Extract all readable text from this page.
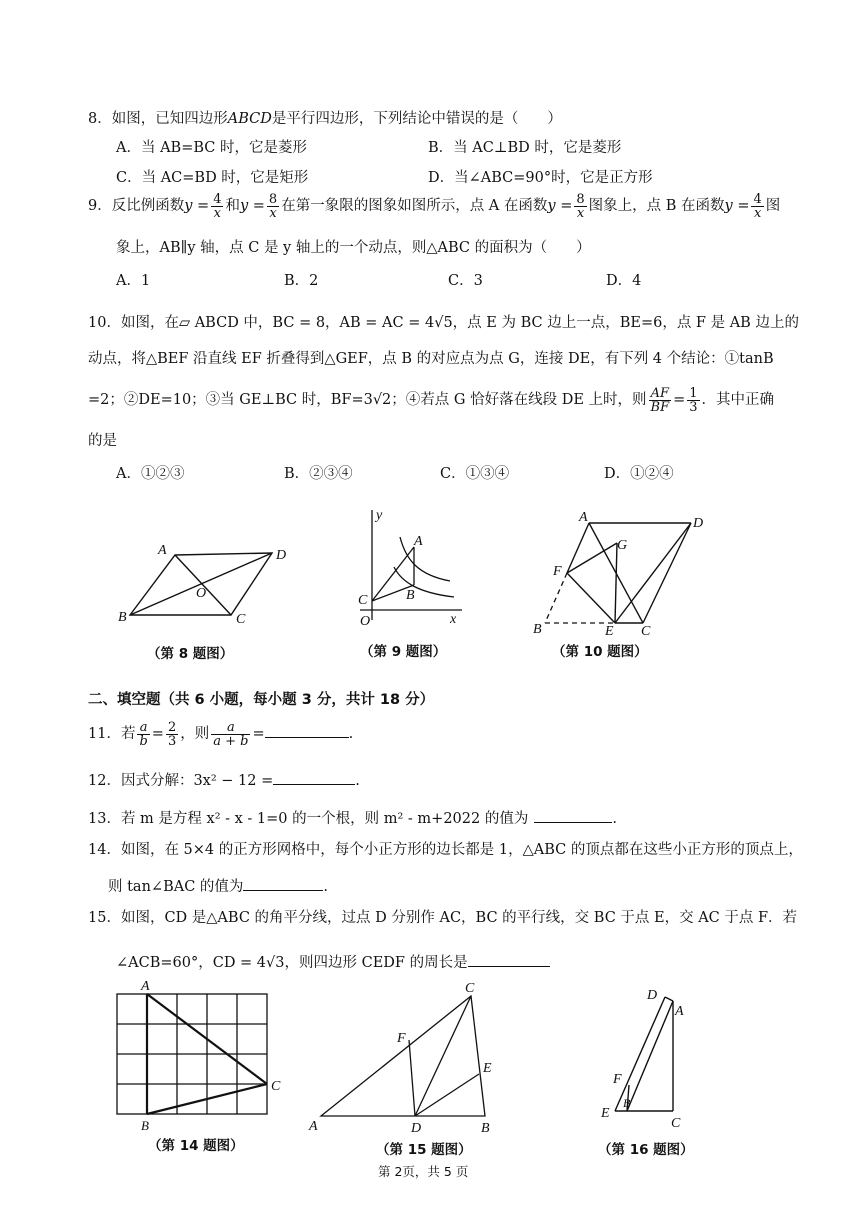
8．如图，已知四边形ABCD是平行四边形，下列结论中错误的是（　　）
A．当 AB=BC 时，它是菱形	B．当 AC⊥BD 时，它是菱形
C．当 AC=BD 时，它是矩形	D．当∠ABC=90°时，它是正方形
9．反比例函数$y = \frac{4}{x}$ 和$y = \frac{8}{x}$ 在第一象限的图象如图所示，点 A 在函数$y = \frac{8}{x}$ 图象上，点 B 在函数$y = \frac{4}{x}$ 图
象上，AB∥y 轴，点 C 是 y 轴上的一个动点，则△ABC 的面积为（　　）
A．1	B．2	C．3	D．4
10．如图，在▱ ABCD 中，BC = 8，AB = AC = 4√5，点 E 为 BC 边上一点，BE=6，点 F 是 AB 边上的
动点，将△BEF 沿直线 EF 折叠得到△GEF，点 B 的对应点为点 G，连接 DE，有下列 4 个结论：①tanB
=2；②DE=10；③当 GE⊥BC 时，BF=3√2；④若点 G 恰好落在线段 DE 上时，则 $\frac{AF}{BF} = \frac{1}{3}$ ．其中正确
的是
A．①②③	B．②③④	C．①③④	D．①②④
A	D
B	C
O
（第 8 题图）
y
A
B
C
O	x
（第 9 题图）
A	D
G
F
B	E C
（第 10 题图）
二、填空题（共 6 小题，每小题 3 分，共计 18 分）
11．若 $\frac{a}{b} = \frac{2}{3}$ ，则 $\frac{a}{a + b}$ =	.
12．因式分解：3x² − 12 =	.
13．若 m 是方程 x² - x - 1=0 的一个根，则 m² - m+2022 的值为	.
14．如图，在 5×4 的正方形网格中，每个小正方形的边长都是 1，△ABC 的顶点都在这些小正方形的顶点上，
则 tan∠BAC 的值为	.
15．如图，CD 是△ABC 的角平分线，过点 D 分别作 AC，BC 的平行线，交 BC 于点 E，交 AC 于点 F．若
∠ACB=60°，CD = 4√3，则四边形 CEDF 的周长是
A
B
C
（第 14 题图）
C
F
E
A	D	B
（第 15 题图）
D
A
F
E
B
C
（第 16 题图）
第 2页，共 5 页
